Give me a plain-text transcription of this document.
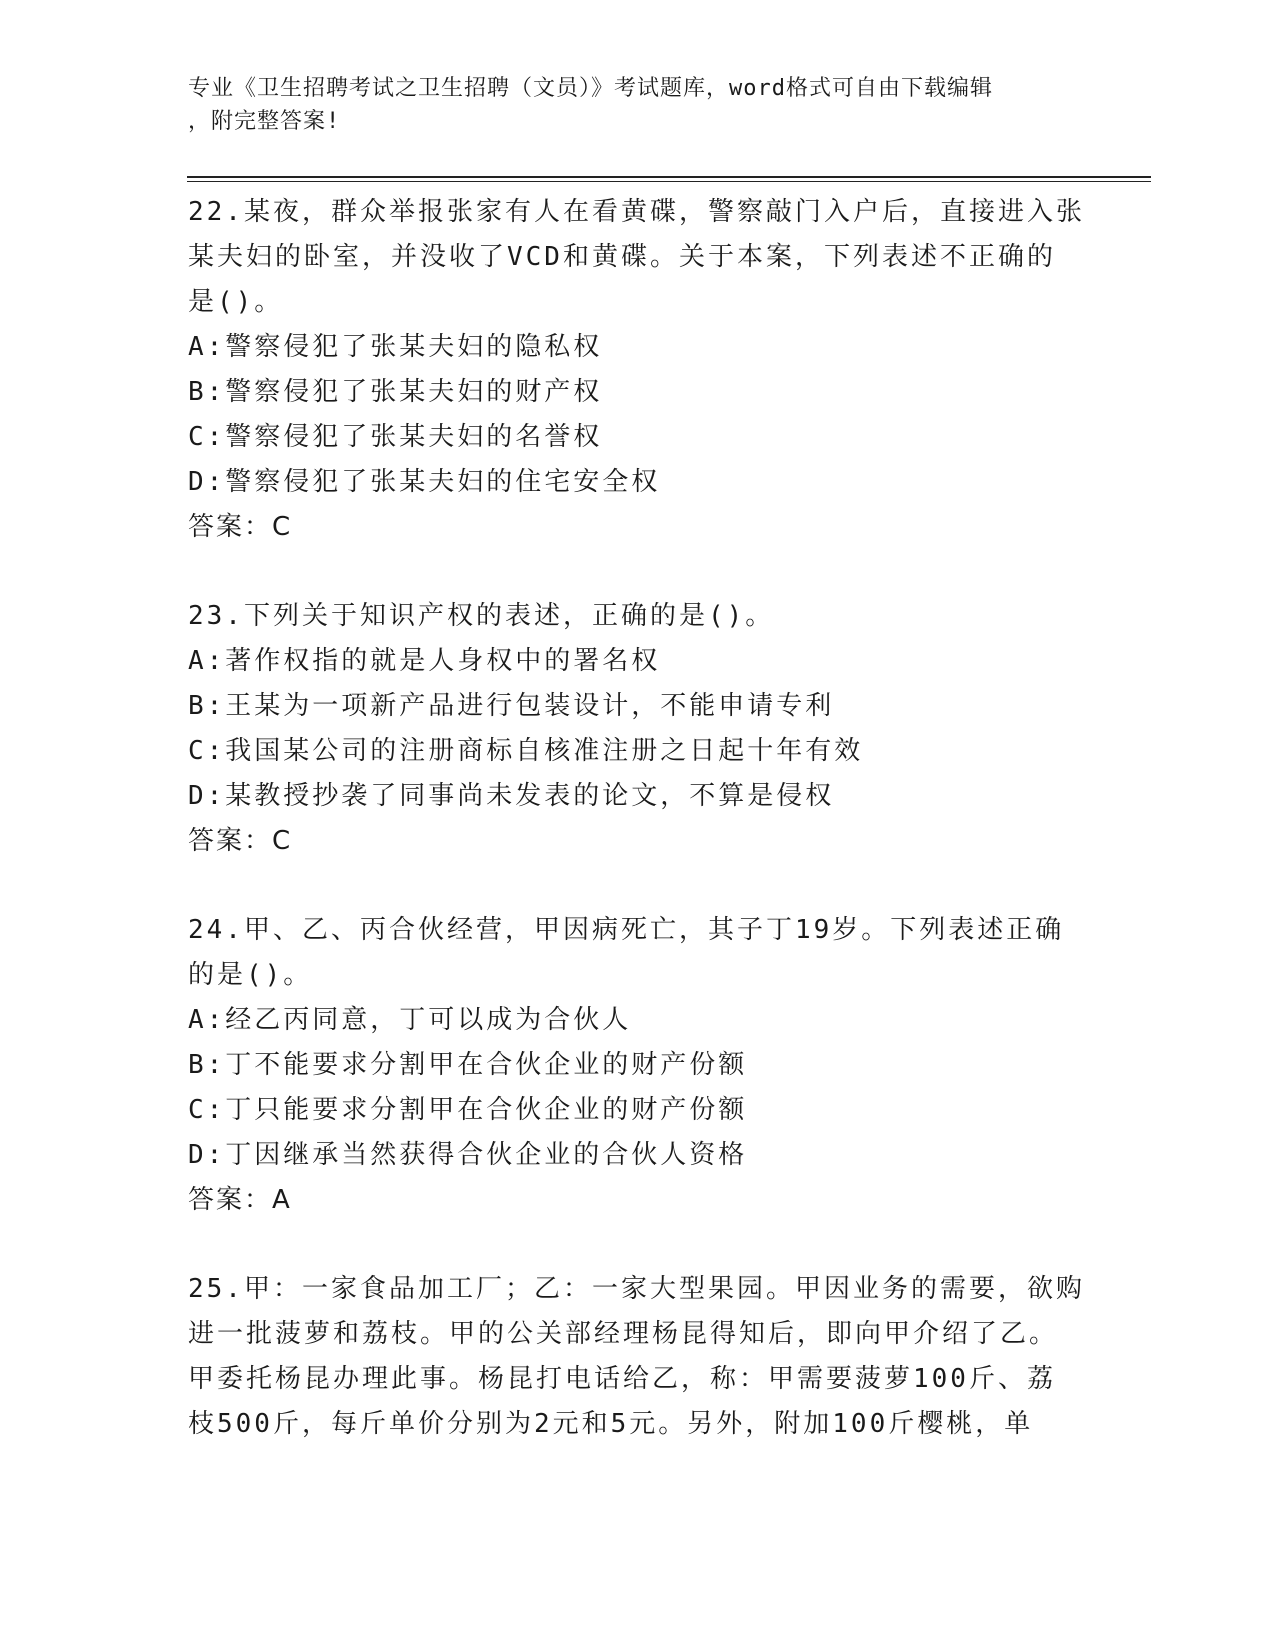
专业《卫生招聘考试之卫生招聘（文员）》考试题库，word格式可自由下载编辑
，附完整答案!

22.某夜，群众举报张家有人在看黄碟，警察敲门入户后，直接进入张

某夫妇的卧室，并没收了VCD和黄碟。关于本案，下列表述不正确的

是()。

A:警察侵犯了张某夫妇的隐私权

B:警察侵犯了张某夫妇的财产权

C:警察侵犯了张某夫妇的名誉权

D:警察侵犯了张某夫妇的住宅安全权

答案：C

23.下列关于知识产权的表述，正确的是()。

A:著作权指的就是人身权中的署名权

B:王某为一项新产品进行包装设计，不能申请专利

C:我国某公司的注册商标自核准注册之日起十年有效

D:某教授抄袭了同事尚未发表的论文，不算是侵权

答案：C

24.甲、乙、丙合伙经营，甲因病死亡，其子丁19岁。下列表述正确

的是()。

A:经乙丙同意，丁可以成为合伙人

B:丁不能要求分割甲在合伙企业的财产份额

C:丁只能要求分割甲在合伙企业的财产份额

D:丁因继承当然获得合伙企业的合伙人资格

答案：A

25.甲：一家食品加工厂；乙：一家大型果园。甲因业务的需要，欲购

进一批菠萝和荔枝。甲的公关部经理杨昆得知后，即向甲介绍了乙。

甲委托杨昆办理此事。杨昆打电话给乙，称：甲需要菠萝100斤、荔

枝500斤，每斤单价分别为2元和5元。另外，附加100斤樱桃，单
